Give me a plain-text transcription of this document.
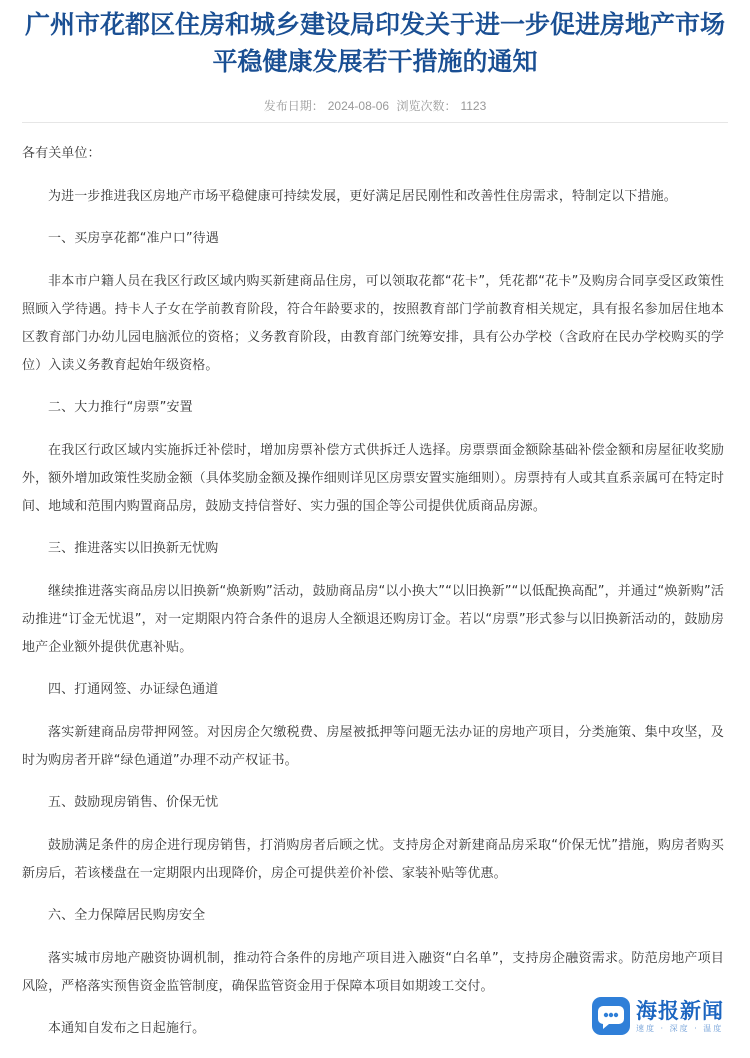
广州市花都区住房和城乡建设局印发关于进一步促进房地产市场平稳健康发展若干措施的通知
发布日期： 2024-08-06 浏览次数： 1123

各有关单位：

为进一步推进我区房地产市场平稳健康可持续发展，更好满足居民刚性和改善性住房需求，特制定以下措施。

一、买房享花都“准户口”待遇

非本市户籍人员在我区行政区域内购买新建商品住房，可以领取花都“花卡”，凭花都“花卡”及购房合同享受区政策性照顾入学待遇。持卡人子女在学前教育阶段，符合年龄要求的，按照教育部门学前教育相关规定，具有报名参加居住地本区教育部门办幼儿园电脑派位的资格；义务教育阶段，由教育部门统筹安排，具有公办学校（含政府在民办学校购买的学位）入读义务教育起始年级资格。

二、大力推行“房票”安置

在我区行政区域内实施拆迁补偿时，增加房票补偿方式供拆迁人选择。房票票面金额除基础补偿金额和房屋征收奖励外，额外增加政策性奖励金额（具体奖励金额及操作细则详见区房票安置实施细则）。房票持有人或其直系亲属可在特定时间、地域和范围内购置商品房，鼓励支持信誉好、实力强的国企等公司提供优质商品房源。

三、推进落实以旧换新无忧购

继续推进落实商品房以旧换新“焕新购”活动，鼓励商品房“以小换大”“以旧换新”“以低配换高配”，并通过“焕新购”活动推进“订金无忧退”，对一定期限内符合条件的退房人全额退还购房订金。若以“房票”形式参与以旧换新活动的，鼓励房地产企业额外提供优惠补贴。

四、打通网签、办证绿色通道

落实新建商品房带押网签。对因房企欠缴税费、房屋被抵押等问题无法办证的房地产项目，分类施策、集中攻坚，及时为购房者开辟“绿色通道”办理不动产权证书。

五、鼓励现房销售、价保无忧

鼓励满足条件的房企进行现房销售，打消购房者后顾之忧。支持房企对新建商品房采取“价保无忧”措施，购房者购买新房后，若该楼盘在一定期限内出现降价，房企可提供差价补偿、家装补贴等优惠。

六、全力保障居民购房安全

落实城市房地产融资协调机制，推动符合条件的房地产项目进入融资“白名单”，支持房企融资需求。防范房地产项目风险，严格落实预售资金监管制度，确保监管资金用于保障本项目如期竣工交付。

本通知自发布之日起施行。

海报新闻
速度 · 深度 · 温度
